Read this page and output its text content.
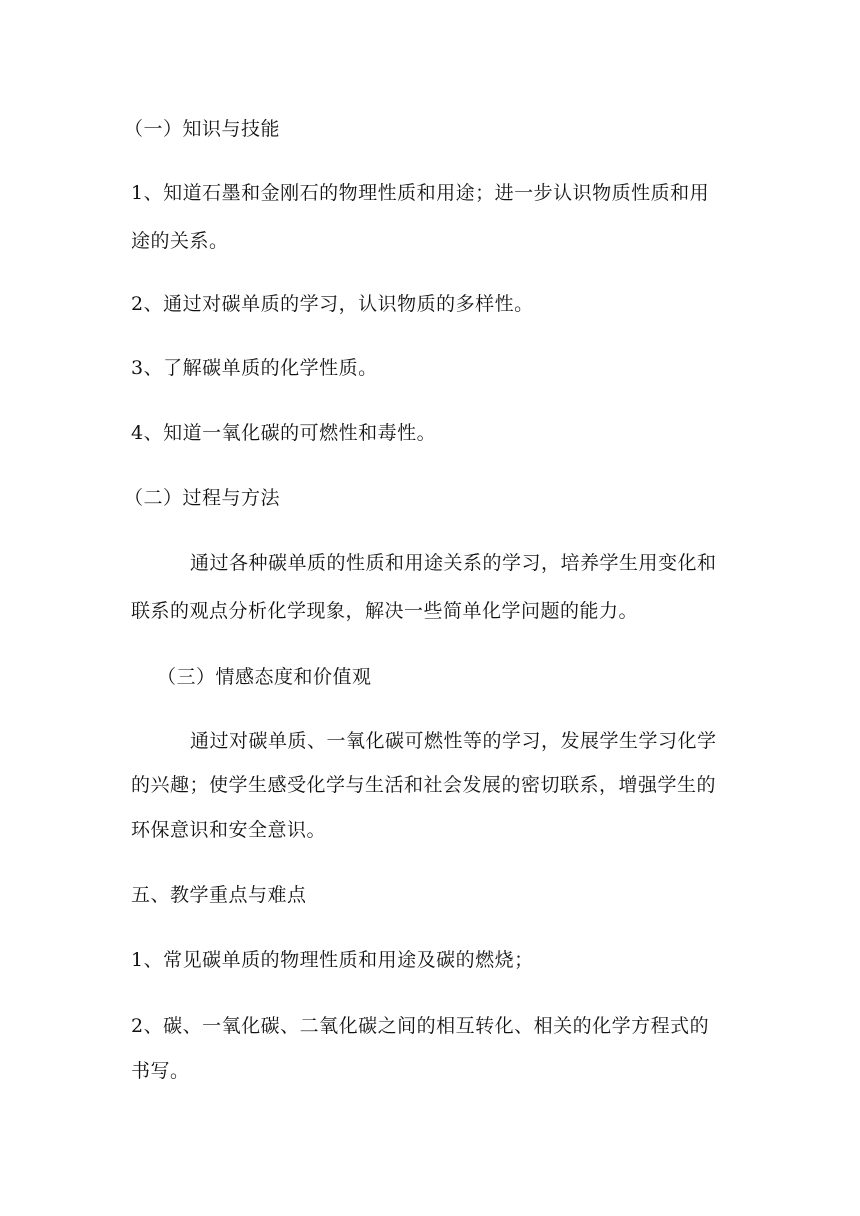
（一）知识与技能
1、知道石墨和金刚石的物理性质和用途；进一步认识物质性质和用
途的关系。
2、通过对碳单质的学习，认识物质的多样性。
3、了解碳单质的化学性质。
4、知道一氧化碳的可燃性和毒性。
（二）过程与方法
通过各种碳单质的性质和用途关系的学习，培养学生用变化和
联系的观点分析化学现象，解决一些简单化学问题的能力。
（三）情感态度和价值观
通过对碳单质、一氧化碳可燃性等的学习，发展学生学习化学
的兴趣；使学生感受化学与生活和社会发展的密切联系，增强学生的
环保意识和安全意识。
五、教学重点与难点
1、常见碳单质的物理性质和用途及碳的燃烧；
2、碳、一氧化碳、二氧化碳之间的相互转化、相关的化学方程式的
书写。
